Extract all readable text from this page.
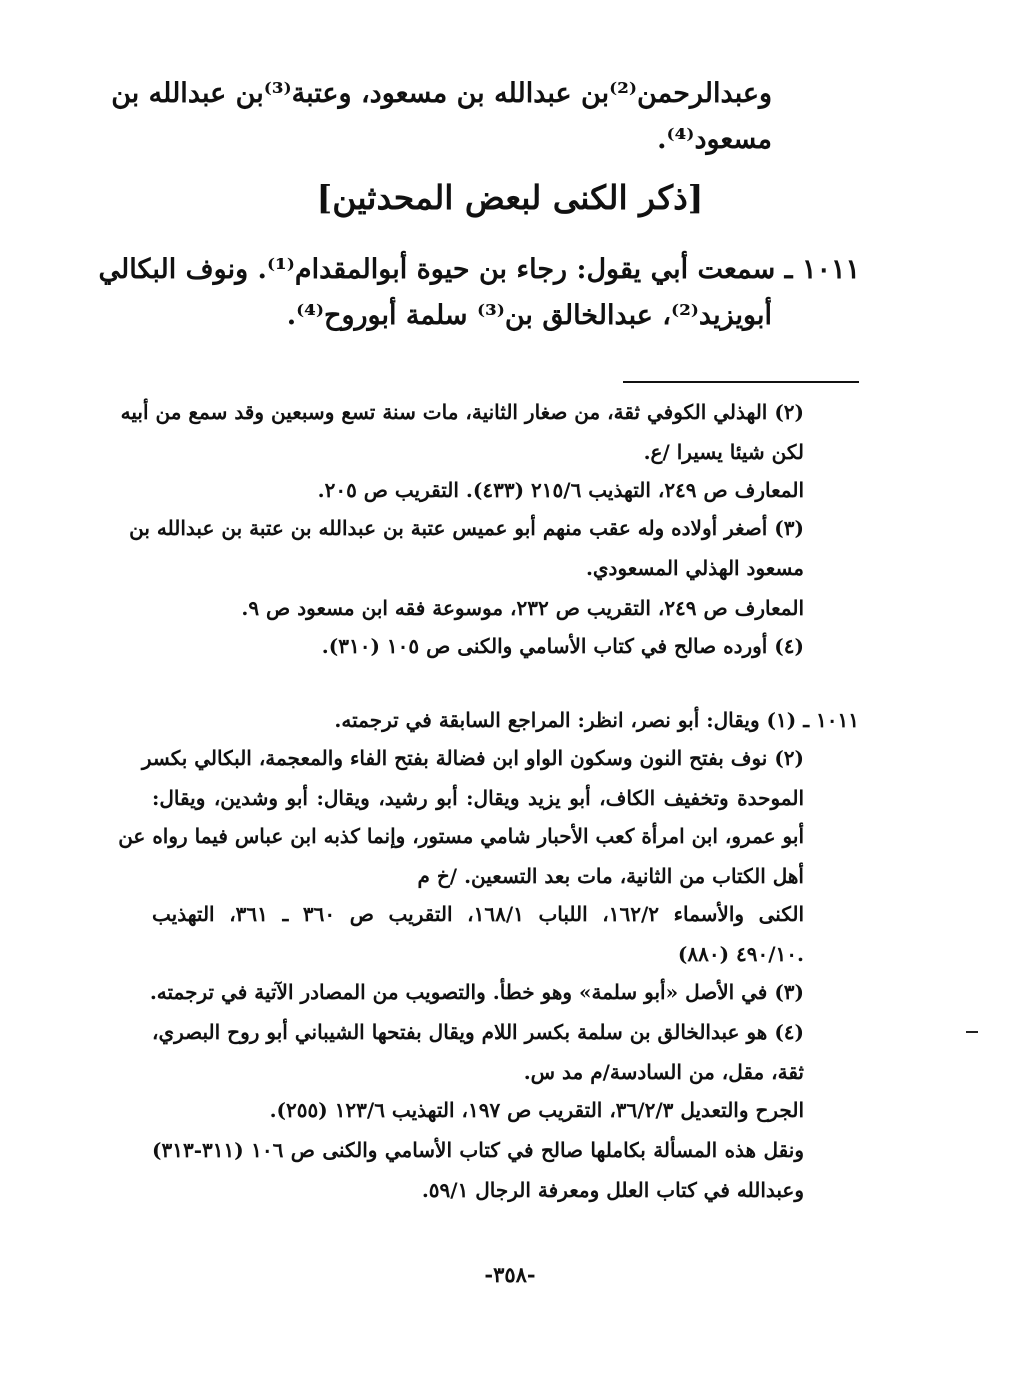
وعبدالرحمن⁽²⁾بن عبدالله بن مسعود، وعتبة⁽³⁾بن عبدالله بن
مسعود⁽⁴⁾.
[ذكر الكنى لبعض المحدثين]
١٠١١ ـ سمعت أبي يقول: رجاء بن حيوة أبوالمقدام⁽¹⁾. ونوف البكالي
أبويزيد⁽²⁾، عبدالخالق بن⁽³⁾ سلمة أبوروح⁽⁴⁾.
(٢) الهذلي الكوفي ثقة، من صغار الثانية، مات سنة تسع وسبعين وقد سمع من أبيه
لكن شيئا يسيرا /ع.
المعارف ص ٢٤٩، التهذيب ٢١٥/٦ (٤٣٣). التقريب ص ٢٠٥.
(٣) أصغر أولاده وله عقب منهم أبو عميس عتبة بن عبدالله بن عتبة بن عبدالله بن
مسعود الهذلي المسعودي.
المعارف ص ٢٤٩، التقريب ص ٢٣٢، موسوعة فقه ابن مسعود ص ٩.
(٤) أورده صالح في كتاب الأسامي والكنى ص ١٠٥ (٣١٠).
١٠١١ ـ (١) ويقال: أبو نصر، انظر: المراجع السابقة في ترجمته.
(٢) نوف بفتح النون وسكون الواو ابن فضالة بفتح الفاء والمعجمة، البكالي بكسر
الموحدة وتخفيف الكاف، أبو يزيد ويقال: أبو رشيد، ويقال: أبو وشدين، ويقال:
أبو عمرو، ابن امرأة كعب الأحبار شامي مستور، وإنما كذبه ابن عباس فيما رواه عن
أهل الكتاب من الثانية، مات بعد التسعين. /خ م
الكنى والأسماء ١٦٢/٢، اللباب ١٦٨/١، التقريب ص ٣٦٠ ـ ٣٦١، التهذيب
٤٩٠/١٠ (٨٨٠).
(٣) في الأصل «أبو سلمة» وهو خطأ. والتصويب من المصادر الآتية في ترجمته.
(٤) هو عبدالخالق بن سلمة بكسر اللام ويقال بفتحها الشيباني أبو روح البصري،
ثقة، مقل، من السادسة/م مد س.
الجرح والتعديل ٣٦/٢/٣، التقريب ص ١٩٧، التهذيب ١٢٣/٦ (٢٥٥).
ونقل هذه المسألة بكاملها صالح في كتاب الأسامي والكنى ص ١٠٦ (٣١١-٣١٣)
وعبدالله في كتاب العلل ومعرفة الرجال ٥٩/١.
-٣٥٨-
